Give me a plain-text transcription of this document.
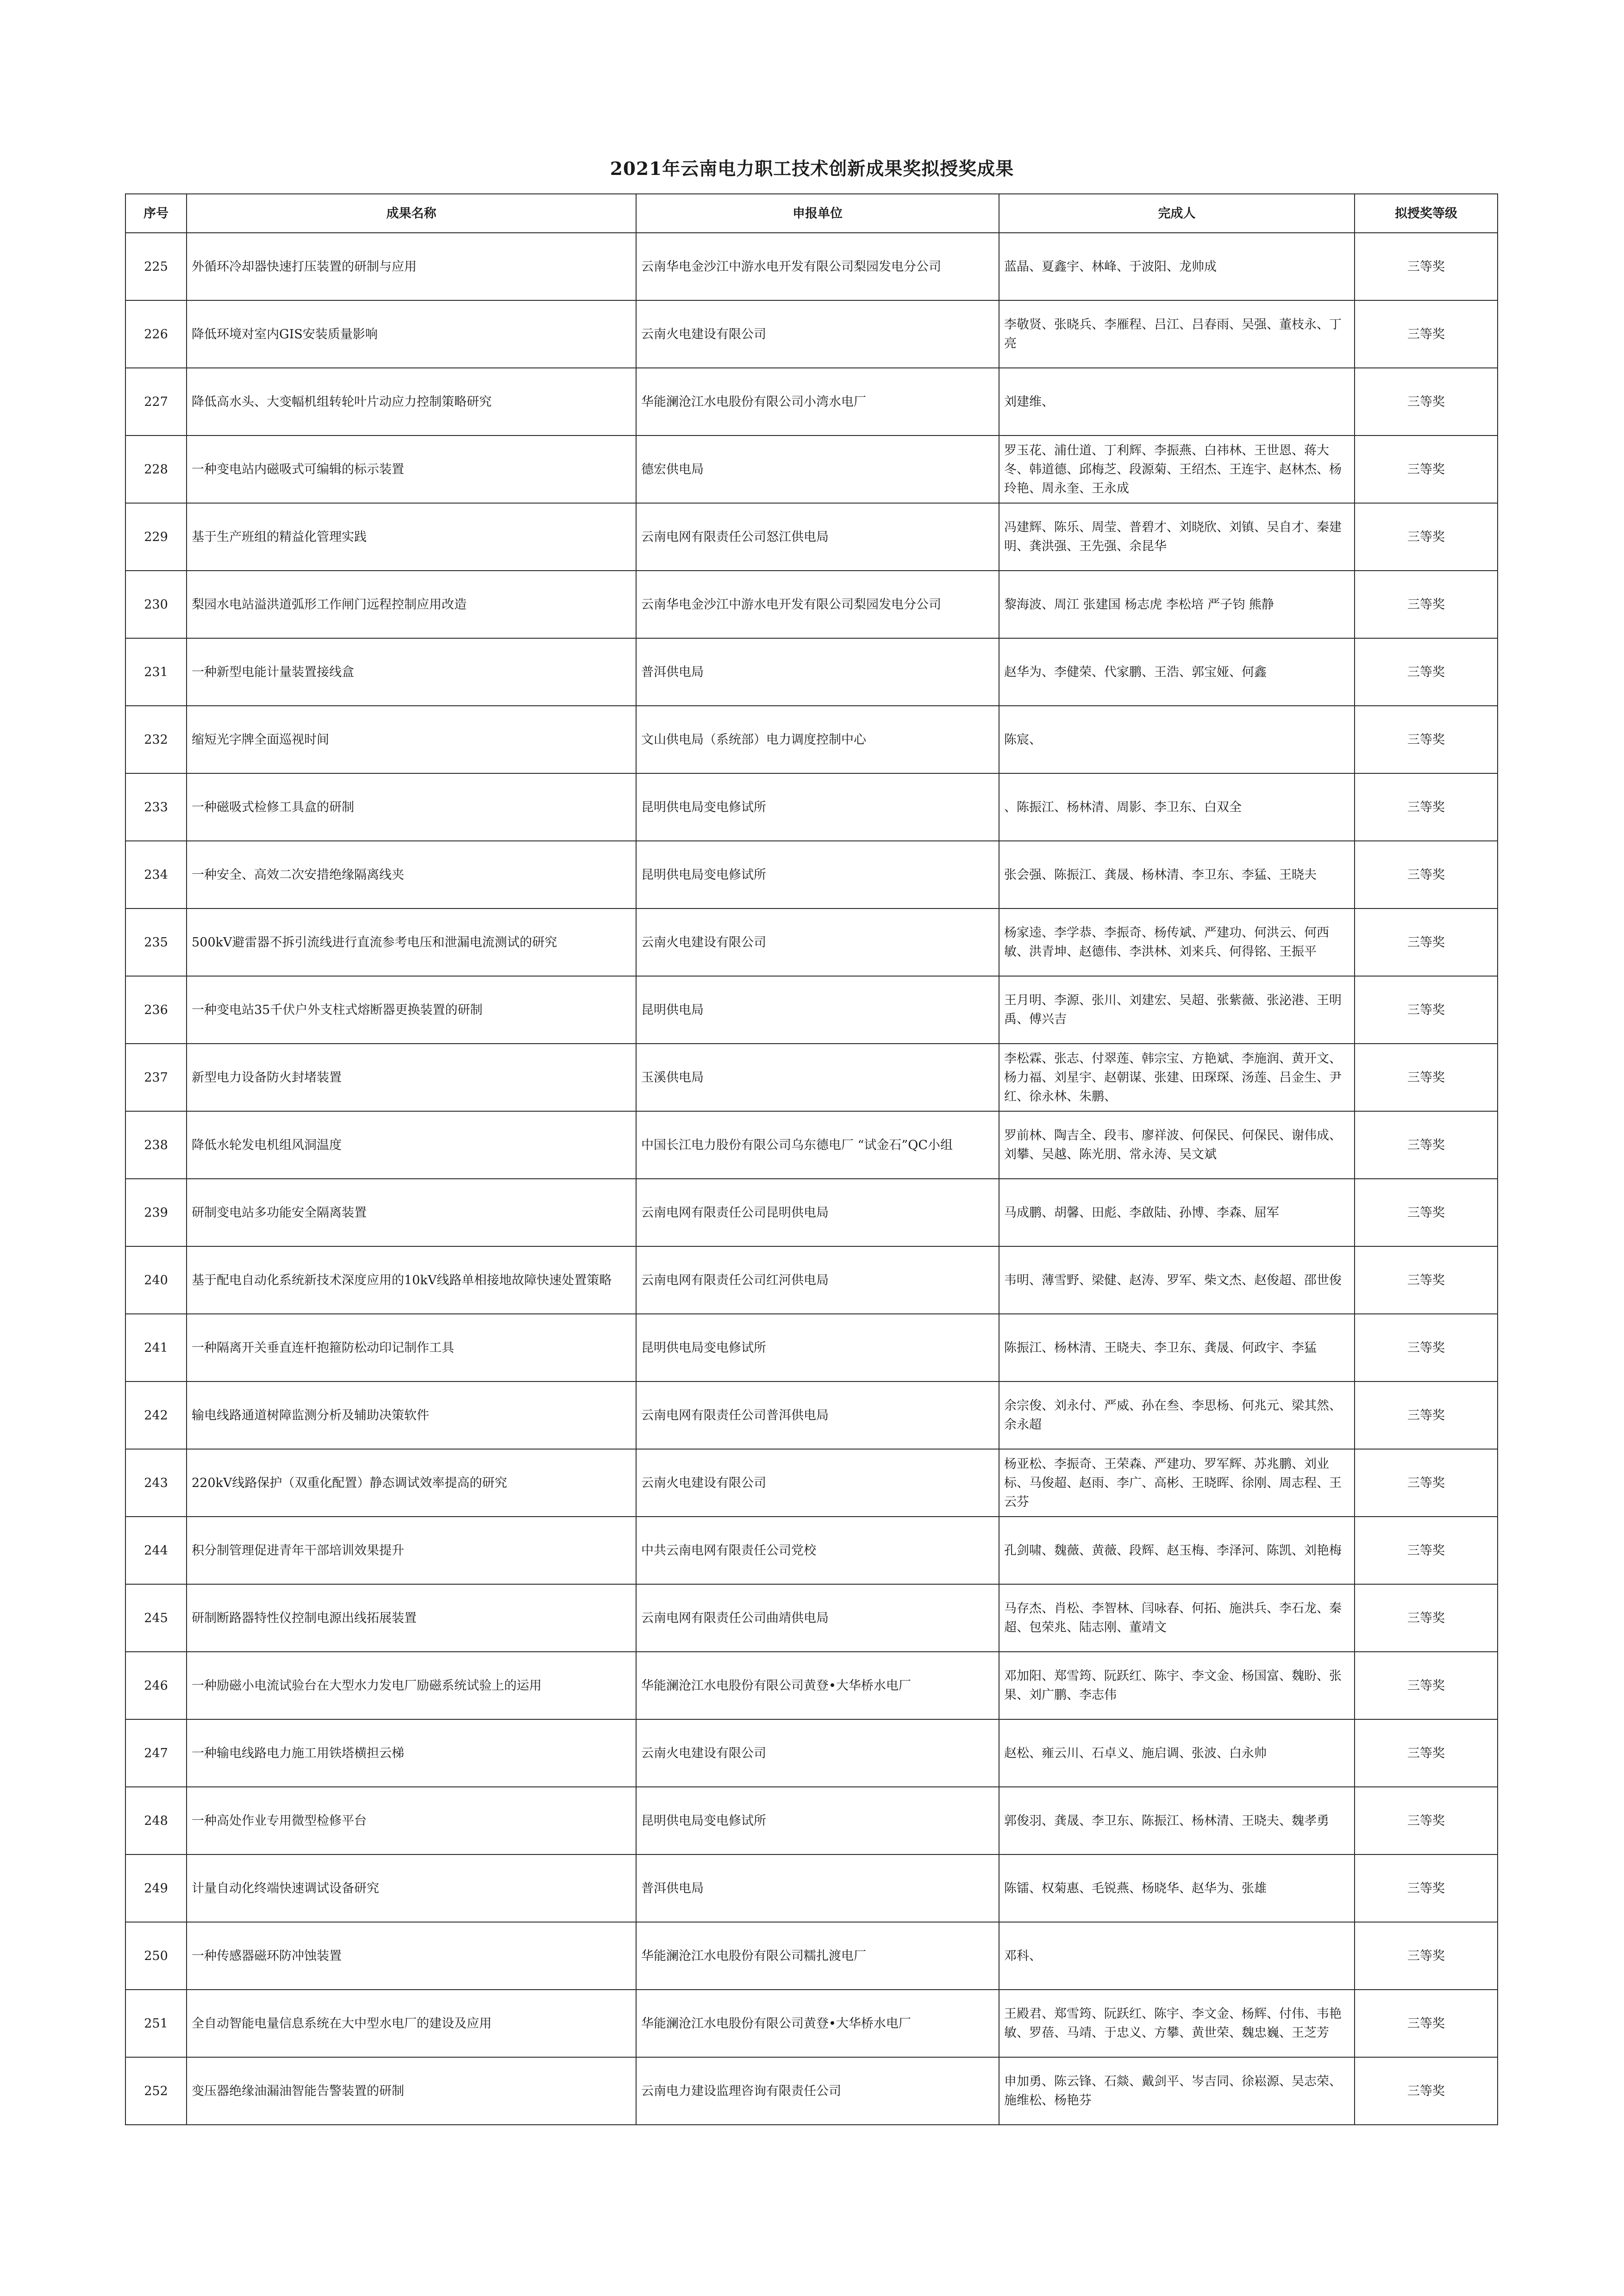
2021年云南电力职工技术创新成果奖拟授奖成果
序号	成果名称	申报单位	完成人	拟授奖等级
225	外循环冷却器快速打压装置的研制与应用	云南华电金沙江中游水电开发有限公司梨园发电分公司	蓝晶、夏鑫宇、林峰、于波阳、龙帅成	三等奖
226	降低环境对室内GIS安装质量影响	云南火电建设有限公司	李敬贤、张晓兵、李雁程、吕江、吕春雨、吴强、董枝永、丁亮	三等奖
227	降低高水头、大变幅机组转轮叶片动应力控制策略研究	华能澜沧江水电股份有限公司小湾水电厂	刘建维、	三等奖
228	一种变电站内磁吸式可编辑的标示装置	德宏供电局	罗玉花、浦仕道、丁利辉、李振燕、白祎林、王世恩、蒋大冬、韩道德、邱梅芝、段源菊、王绍杰、王连宇、赵林杰、杨玲艳、周永奎、王永成	三等奖
229	基于生产班组的精益化管理实践	云南电网有限责任公司怒江供电局	冯建辉、陈乐、周莹、普碧才、刘晓欣、刘镇、吴自才、秦建明、龚洪强、王先强、余昆华	三等奖
230	梨园水电站溢洪道弧形工作闸门远程控制应用改造	云南华电金沙江中游水电开发有限公司梨园发电分公司	黎海波、周江 张建国 杨志虎 李松培 严子钧 熊静	三等奖
231	一种新型电能计量装置接线盒	普洱供电局	赵华为、李健荣、代家鹏、王浩、郭宝娅、何鑫	三等奖
232	缩短光字牌全面巡视时间	文山供电局（系统部）电力调度控制中心	陈宸、	三等奖
233	一种磁吸式检修工具盒的研制	昆明供电局变电修试所	、陈振江、杨林清、周影、李卫东、白双全	三等奖
234	一种安全、高效二次安措绝缘隔离线夹	昆明供电局变电修试所	张会强、陈振江、龚晟、杨林清、李卫东、李猛、王晓夫	三等奖
235	500kV避雷器不拆引流线进行直流参考电压和泄漏电流测试的研究	云南火电建设有限公司	杨家逵、李学恭、李振奇、杨传斌、严建功、何洪云、何西敏、洪青坤、赵德伟、李洪林、刘来兵、何得铭、王振平	三等奖
236	一种变电站35千伏户外支柱式熔断器更换装置的研制	昆明供电局	王月明、李源、张川、刘建宏、吴超、张紫薇、张泌港、王明禹、傅兴吉	三等奖
237	新型电力设备防火封堵装置	玉溪供电局	李松霖、张志、付翠莲、韩宗宝、方艳斌、李施润、黄开文、杨力福、刘星宇、赵朝谋、张建、田琛琛、汤莲、吕金生、尹红、徐永林、朱鹏、	三等奖
238	降低水轮发电机组风洞温度	中国长江电力股份有限公司乌东德电厂 “试金石”QC小组	罗前林、陶吉全、段韦、廖祥波、何保民、何保民、谢伟成、刘攀、吴越、陈光朋、常永涛、吴文斌	三等奖
239	研制变电站多功能安全隔离装置	云南电网有限责任公司昆明供电局	马成鹏、胡馨、田彪、李啟陆、孙博、李森、屈军	三等奖
240	基于配电自动化系统新技术深度应用的10kV线路单相接地故障快速处置策略	云南电网有限责任公司红河供电局	韦明、薄雪野、梁健、赵涛、罗军、柴文杰、赵俊超、邵世俊	三等奖
241	一种隔离开关垂直连杆抱箍防松动印记制作工具	昆明供电局变电修试所	陈振江、杨林清、王晓夫、李卫东、龚晟、何政宇、李猛	三等奖
242	输电线路通道树障监测分析及辅助决策软件	云南电网有限责任公司普洱供电局	余宗俊、刘永付、严威、孙在叁、李思杨、何兆元、梁其然、余永超	三等奖
243	220kV线路保护（双重化配置）静态调试效率提高的研究	云南火电建设有限公司	杨亚松、李振奇、王荣森、严建功、罗军辉、苏兆鹏、刘业标、马俊超、赵雨、李广、高彬、王晓晖、徐刚、周志程、王云芬	三等奖
244	积分制管理促进青年干部培训效果提升	中共云南电网有限责任公司党校	孔剑啸、魏薇、黄薇、段辉、赵玉梅、李泽河、陈凯、刘艳梅	三等奖
245	研制断路器特性仪控制电源出线拓展装置	云南电网有限责任公司曲靖供电局	马存杰、肖松、李智林、闫咏春、何拓、施洪兵、李石龙、秦超、包荣兆、陆志刚、董靖文	三等奖
246	一种励磁小电流试验台在大型水力发电厂励磁系统试验上的运用	华能澜沧江水电股份有限公司黄登•大华桥水电厂	邓加阳、郑雪筠、阮跃红、陈宇、李文金、杨国富、魏盼、张果、刘广鹏、李志伟	三等奖
247	一种输电线路电力施工用铁塔横担云梯	云南火电建设有限公司	赵松、雍云川、石卓义、施启调、张波、白永帅	三等奖
248	一种高处作业专用微型检修平台	昆明供电局变电修试所	郭俊羽、龚晟、李卫东、陈振江、杨林清、王晓夫、魏孝勇	三等奖
249	计量自动化终端快速调试设备研究	普洱供电局	陈镭、权菊惠、毛锐燕、杨晓华、赵华为、张雄	三等奖
250	一种传感器磁环防冲蚀装置	华能澜沧江水电股份有限公司糯扎渡电厂	邓科、	三等奖
251	全自动智能电量信息系统在大中型水电厂的建设及应用	华能澜沧江水电股份有限公司黄登•大华桥水电厂	王殿君、郑雪筠、阮跃红、陈宇、李文金、杨辉、付伟、韦艳敏、罗蓓、马靖、于忠义、方攀、黄世荣、魏忠巍、王芝芳	三等奖
252	变压器绝缘油漏油智能告警装置的研制	云南电力建设监理咨询有限责任公司	申加勇、陈云锋、石燚、戴剑平、岑吉同、徐崧源、吴志荣、施维松、杨艳芬	三等奖
